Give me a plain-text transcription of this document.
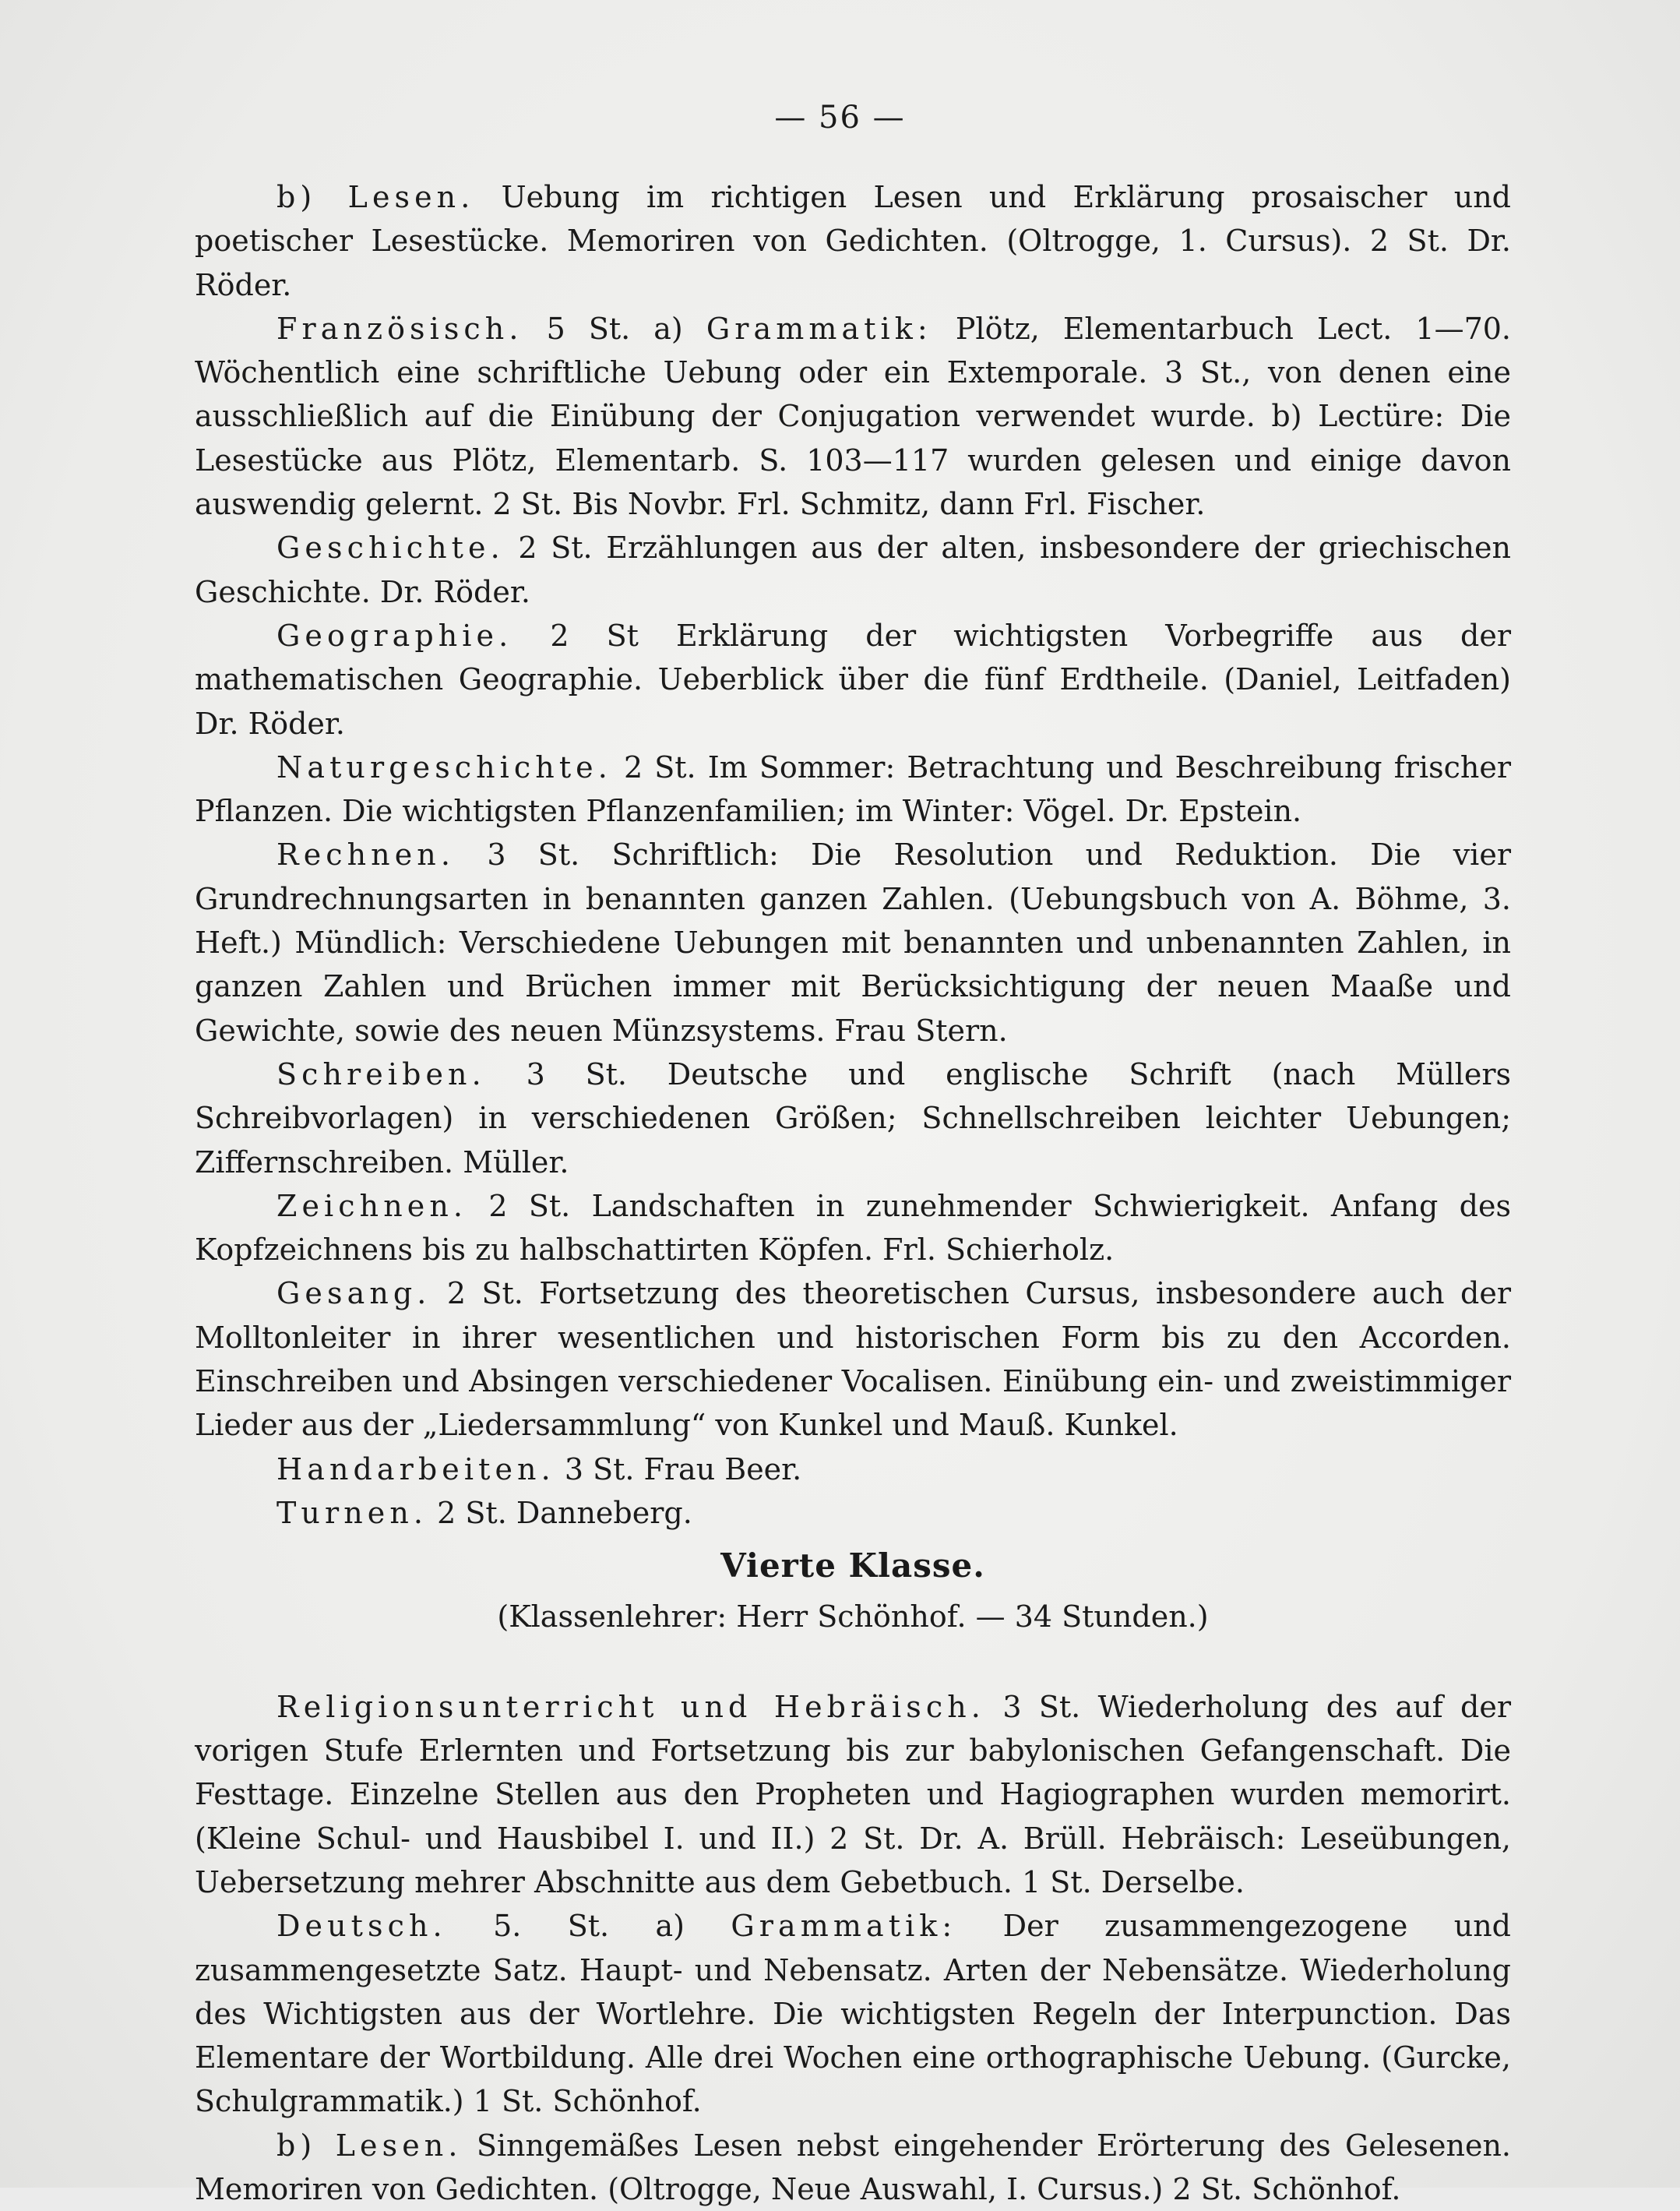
— 56 —

b) Lesen. Uebung im richtigen Lesen und Erklärung prosaischer und poetischer Lesestücke. Memoriren von Gedichten. (Oltrogge, 1. Cursus). 2 St. Dr. Röder.

Französisch. 5 St. a) Grammatik: Plötz, Elementarbuch Lect. 1—70. Wöchentlich eine schriftliche Uebung oder ein Extemporale. 3 St., von denen eine ausschließlich auf die Einübung der Conjugation verwendet wurde. b) Lectüre: Die Lesestücke aus Plötz, Elementarb. S. 103—117 wurden gelesen und einige davon auswendig gelernt. 2 St. Bis Novbr. Frl. Schmitz, dann Frl. Fischer.

Geschichte. 2 St. Erzählungen aus der alten, insbesondere der griechischen Geschichte. Dr. Röder.

Geographie. 2 St Erklärung der wichtigsten Vorbegriffe aus der mathematischen Geographie. Ueberblick über die fünf Erdtheile. (Daniel, Leitfaden) Dr. Röder.

Naturgeschichte. 2 St. Im Sommer: Betrachtung und Beschreibung frischer Pflanzen. Die wichtigsten Pflanzenfamilien; im Winter: Vögel. Dr. Epstein.

Rechnen. 3 St. Schriftlich: Die Resolution und Reduktion. Die vier Grundrechnungsarten in benannten ganzen Zahlen. (Uebungsbuch von A. Böhme, 3. Heft.) Mündlich: Verschiedene Uebungen mit benannten und unbenannten Zahlen, in ganzen Zahlen und Brüchen immer mit Berücksichtigung der neuen Maaße und Gewichte, sowie des neuen Münzsystems. Frau Stern.

Schreiben. 3 St. Deutsche und englische Schrift (nach Müllers Schreibvorlagen) in verschiedenen Größen; Schnellschreiben leichter Uebungen; Ziffernschreiben. Müller.

Zeichnen. 2 St. Landschaften in zunehmender Schwierigkeit. Anfang des Kopfzeichnens bis zu halbschattirten Köpfen. Frl. Schierholz.

Gesang. 2 St. Fortsetzung des theoretischen Cursus, insbesondere auch der Molltonleiter in ihrer wesentlichen und historischen Form bis zu den Accorden. Einschreiben und Absingen verschiedener Vocalisen. Einübung ein- und zweistimmiger Lieder aus der „Liedersammlung“ von Kunkel und Mauß. Kunkel.

Handarbeiten. 3 St. Frau Beer.

Turnen. 2 St. Danneberg.

Vierte Klasse.
(Klassenlehrer: Herr Schönhof. — 34 Stunden.)

Religionsunterricht und Hebräisch. 3 St. Wiederholung des auf der vorigen Stufe Erlernten und Fortsetzung bis zur babylonischen Gefangenschaft. Die Festtage. Einzelne Stellen aus den Propheten und Hagiographen wurden memorirt. (Kleine Schul- und Hausbibel I. und II.) 2 St. Dr. A. Brüll. Hebräisch: Leseübungen, Uebersetzung mehrer Abschnitte aus dem Gebetbuch. 1 St. Derselbe.

Deutsch. 5. St. a) Grammatik: Der zusammengezogene und zusammengesetzte Satz. Haupt- und Nebensatz. Arten der Nebensätze. Wiederholung des Wichtigsten aus der Wortlehre. Die wichtigsten Regeln der Interpunction. Das Elementare der Wortbildung. Alle drei Wochen eine orthographische Uebung. (Gurcke, Schulgrammatik.) 1 St. Schönhof.

b) Lesen. Sinngemäßes Lesen nebst eingehender Erörterung des Gelesenen. Memoriren von Gedichten. (Oltrogge, Neue Auswahl, I. Cursus.) 2 St. Schönhof.
